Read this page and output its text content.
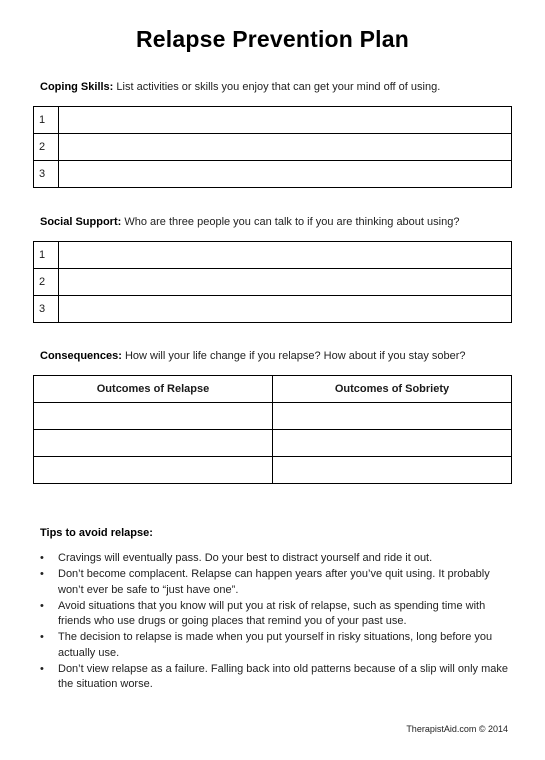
Relapse Prevention Plan
Coping Skills: List activities or skills you enjoy that can get your mind off of using.
1	
2	
3	
Social Support: Who are three people you can talk to if you are thinking about using?
1	
2	
3	
Consequences: How will your life change if you relapse? How about if you stay sober?
Outcomes of Relapse	Outcomes of Sobriety

Tips to avoid relapse:
• Cravings will eventually pass. Do your best to distract yourself and ride it out.
• Don’t become complacent. Relapse can happen years after you’ve quit using. It probably won’t ever be safe to “just have one”.
• Avoid situations that you know will put you at risk of relapse, such as spending time with friends who use drugs or going places that remind you of your past use.
• The decision to relapse is made when you put yourself in risky situations, long before you actually use.
• Don’t view relapse as a failure. Falling back into old patterns because of a slip will only make the situation worse.
TherapistAid.com © 2014
